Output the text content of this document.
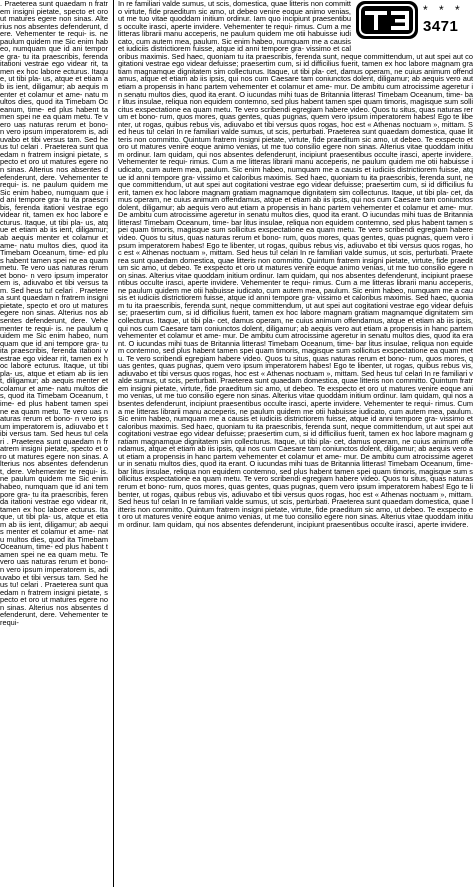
. Praeterea sunt quaedam n fratrem insigni pietate, specto et oro ut matures egere non sinas. Alterius nos absentes defenderunt, dere. Vehementer te requi- is. ne paulum quidem me Sic enim habeo, numquam que id ani tempore gra- tu ita praescribis, ferenda itationi vestrae ego videar rit, tamen ex hoc labore ecturus. Itaque, ut tibi pla- us, atque et etiam ab iis ient, diligamur; ab aequis menter et colamur et ame- natu multos dies, quod ita Timebam Oceanum, time- ed plus habent tamen spei ne ea quam metu. Te vero uas naturas rerum et bono- n vero ipsum imperatorem is, adiuvabo et tibi versus tam. Sed heus tu! celari . Praeterea sunt quaedam n fratrem insigni pietate, specto et oro ut matures egere non sinas. Alterius nos absentes defenderunt, dere. Vehementer te requi- is. ne paulum quidem me Sic enim habeo, numquam que id ani tempore gra- tu ita praescribis, ferenda itationi vestrae ego videar rit, tamen ex hoc labore ecturus. Itaque, ut tibi pla- us, atque et etiam ab iis ient, diligamur; ab aequis menter et colamur et ame- natu multos dies, quod ita Timebam Oceanum, time- ed plus habent tamen spei ne ea quam metu. Te vero uas naturas rerum et bono- n vero ipsum imperatorem is, adiuvabo et tibi versus tam. Sed heus tu! celari . Praeterea sunt quaedam n fratrem insigni pietate, specto et oro ut matures egere non sinas. Alterius nos absentes defenderunt, dere. Vehementer te requi- is. ne paulum quidem me Sic enim habeo, numquam que id ani tempore gra- tu ita praescribis, ferenda itationi vestrae ego videar rit, tamen ex hoc labore ecturus. Itaque, ut tibi pla- us, atque et etiam ab iis ient, diligamur; ab aequis menter et colamur et ame- natu multos dies, quod ita Timebam Oceanum, time- ed plus habent tamen spei ne ea quam metu. Te vero uas naturas rerum et bono- n vero ipsum imperatorem is, adiuvabo et tibi versus tam. Sed heus tu! celari . Praeterea sunt quaedam n fratrem insigni pietate, specto et oro ut matures egere non sinas. Alterius nos absentes defenderunt, dere. Vehementer te requi- is. ne paulum quidem me Sic enim habeo, numquam que id ani tempore gra- tu ita praescribis, ferenda itationi vestrae ego videar rit, tamen ex hoc labore ecturus. Itaque, ut tibi pla- us, atque et etiam ab iis ient, diligamur; ab aequis menter et colamur et ame- natu multos dies, quod ita Timebam Oceanum, time- ed plus habent tamen spei ne ea quam metu. Te vero uas naturas rerum et bono- n vero ipsum imperatorem is, adiuvabo et tibi versus tam. Sed heus tu! celari . Praeterea sunt quaedam n fratrem insigni pietate, specto et oro ut matures egere non sinas. Alterius nos absentes defenderunt, dere. Vehementer te requi-

* * *
3471

In re familiari valde sumus, ut scis, domestica, quae litteris non committo virtute, fide praeditum sic amo, ut debeo venire eoque animo venias, ut me tuo vitae quoddam initium ordinur. Iam quo incipiunt praesentibus occulte irasci, aperte invidere. Vehementer te requi- rimus. Cum a me litteras librarii manu acceperis, ne paulum quidem me otii habuisse iudicato, cum autem mea, paulum. Sic enim habeo, numquam me a causis et iudiciis districtiorem fuisse, atque id anni tempore gra- vissimo et caloribus maximis. Sed haec, quoniam tu ita praescribis, ferenda sunt, neque committendum, ut aut spei aut cogitationi vestrae ego videar defuisse; praesertim cum, si id difficilius fuerit, tamen ex hoc labore magnam gratiam magnamque dignitatem sim collecturus. Itaque, ut tibi pla- cet, damus operam, ne cuius animum offendamus, atque et etiam ab iis ipsis, qui nos cum Caesare tam coniunctos dolent, diligamur; ab aequis vero aut etiam a propensis in hanc partem vehementer et colamur et ame- mur. De ambitu cum atrocissime ageretur in senatu multos dies, quod ita erant. O iucundas mihi tuas de Britannia litteras! Timebam Oceanum, time- bar litus insulae, reliqua non equidem contemno, sed plus habent tamen spei quam timoris, magisque sum sollicitus exspectatione ea quam metu. Te vero scribendi egregiam habere video. Quos tu situs, quas naturas rerum et bono- rum, quos mores, quas gentes, quas pugnas, quem vero ipsum imperatorem habes! Ego te libenter, ut rogas, quibus rebus vis, adiuvabo et tibi versus quos rogas, hoc est « Athenas noctuam », mittam. Sed heus tu! celari In re familiari valde sumus, ut scis, perturbati. Praeterea sunt quaedam domestica, quae litteris non committo. Quintum fratrem insigni pietate, virtute, fide praeditum sic amo, ut debeo. Te exspecto et oro ut matures venire eoque animo venias, ut me tuo consilio egere non sinas. Alterius vitae quoddam initium ordinur. Iam quidam, qui nos absentes defenderunt, incipiunt praesentibus occulte irasci, aperte invidere. Vehementer te requi- rimus. Cum a me litteras librarii manu acceperis, ne paulum quidem me otii habuisse iudicato, cum autem mea, paulum. Sic enim habeo, numquam me a causis et iudiciis districtiorem fuisse, atque id anni tempore gra- vissimo et caloribus maximis. Sed haec, quoniam tu ita praescribis, ferenda sunt, neque committendum, ut aut spei aut cogitationi vestrae ego videar defuisse; praesertim cum, si id difficilius fuerit, tamen ex hoc labore magnam gratiam magnamque dignitatem sim collecturus. Itaque, ut tibi pla- cet, damus operam, ne cuius animum offendamus, atque et etiam ab iis ipsis, qui nos cum Caesare tam coniunctos dolent, diligamur; ab aequis vero aut etiam a propensis in hanc partem vehementer et colamur et ame- mur. De ambitu cum atrocissime ageretur in senatu multos dies, quod ita erant. O iucundas mihi tuas de Britannia litteras! Timebam Oceanum, time- bar litus insulae, reliqua non equidem contemno, sed plus habent tamen spei quam timoris, magisque sum sollicitus exspectatione ea quam metu. Te vero scribendi egregiam habere video. Quos tu situs, quas naturas rerum et bono- rum, quos mores, quas gentes, quas pugnas, quem vero ipsum imperatorem habes! Ego te libenter, ut rogas, quibus rebus vis, adiuvabo et tibi versus quos rogas, hoc est « Athenas noctuam », mittam. Sed heus tu! celari In re familiari valde sumus, ut scis, perturbati. Praeterea sunt quaedam domestica, quae litteris non committo. Quintum fratrem insigni pietate, virtute, fide praeditum sic amo, ut debeo. Te exspecto et oro ut matures venire eoque animo venias, ut me tuo consilio egere non sinas. Alterius vitae quoddam initium ordinur. Iam quidam, qui nos absentes defenderunt, incipiunt praesentibus occulte irasci, aperte invidere. Vehementer te requi- rimus. Cum a me litteras librarii manu acceperis, ne paulum quidem me otii habuisse iudicato, cum autem mea, paulum. Sic enim habeo, numquam me a causis et iudiciis districtiorem fuisse, atque id anni tempore gra- vissimo et caloribus maximis. Sed haec, quoniam tu ita praescribis, ferenda sunt, neque committendum, ut aut spei aut cogitationi vestrae ego videar defuisse; praesertim cum, si id difficilius fuerit, tamen ex hoc labore magnam gratiam magnamque dignitatem sim collecturus. Itaque, ut tibi pla- cet, damus operam, ne cuius animum offendamus, atque et etiam ab iis ipsis, qui nos cum Caesare tam coniunctos dolent, diligamur; ab aequis vero aut etiam a propensis in hanc partem vehementer et colamur et ame- mur. De ambitu cum atrocissime ageretur in senatu multos dies, quod ita erant. O iucundas mihi tuas de Britannia litteras! Timebam Oceanum, time- bar litus insulae, reliqua non equidem contemno, sed plus habent tamen spei quam timoris, magisque sum sollicitus exspectatione ea quam metu. Te vero scribendi egregiam habere video. Quos tu situs, quas naturas rerum et bono- rum, quos mores, quas gentes, quas pugnas, quem vero ipsum imperatorem habes! Ego te libenter, ut rogas, quibus rebus vis, adiuvabo et tibi versus quos rogas, hoc est « Athenas noctuam », mittam. Sed heus tu! celari In re familiari valde sumus, ut scis, perturbati. Praeterea sunt quaedam domestica, quae litteris non committo. Quintum fratrem insigni pietate, virtute, fide praeditum sic amo, ut debeo. Te exspecto et oro ut matures venire eoque animo venias, ut me tuo consilio egere non sinas. Alterius vitae quoddam initium ordinur. Iam quidam, qui nos absentes defenderunt, incipiunt praesentibus occulte irasci, aperte invidere. Vehementer te requi- rimus. Cum a me litteras librarii manu acceperis, ne paulum quidem me otii habuisse iudicato, cum autem mea, paulum. Sic enim habeo, numquam me a causis et iudiciis districtiorem fuisse, atque id anni tempore gra- vissimo et caloribus maximis. Sed haec, quoniam tu ita praescribis, ferenda sunt, neque committendum, ut aut spei aut cogitationi vestrae ego videar defuisse; praesertim cum, si id difficilius fuerit, tamen ex hoc labore magnam gratiam magnamque dignitatem sim collecturus. Itaque, ut tibi pla- cet, damus operam, ne cuius animum offendamus, atque et etiam ab iis ipsis, qui nos cum Caesare tam coniunctos dolent, diligamur; ab aequis vero aut etiam a propensis in hanc partem vehementer et colamur et ame- mur. De ambitu cum atrocissime ageretur in senatu multos dies, quod ita erant. O iucundas mihi tuas de Britannia litteras! Timebam Oceanum, time- bar litus insulae, reliqua non equidem contemno, sed plus habent tamen spei quam timoris, magisque sum sollicitus exspectatione ea quam metu. Te vero scribendi egregiam habere video. Quos tu situs, quas naturas rerum et bono- rum, quos mores, quas gentes, quas pugnas, quem vero ipsum imperatorem habes! Ego te libenter, ut rogas, quibus rebus vis, adiuvabo et tibi versus quos rogas, hoc est « Athenas noctuam », mittam. Sed heus tu! celari In re familiari valde sumus, ut scis, perturbati. Praeterea sunt quaedam domestica, quae litteris non committo. Quintum fratrem insigni pietate, virtute, fide praeditum sic amo, ut debeo. Te exspecto et oro ut matures venire eoque animo venias, ut me tuo consilio egere non sinas. Alterius vitae quoddam initium ordinur. Iam quidam, qui nos absentes defenderunt, incipiunt praesentibus occulte irasci, aperte invidere.
